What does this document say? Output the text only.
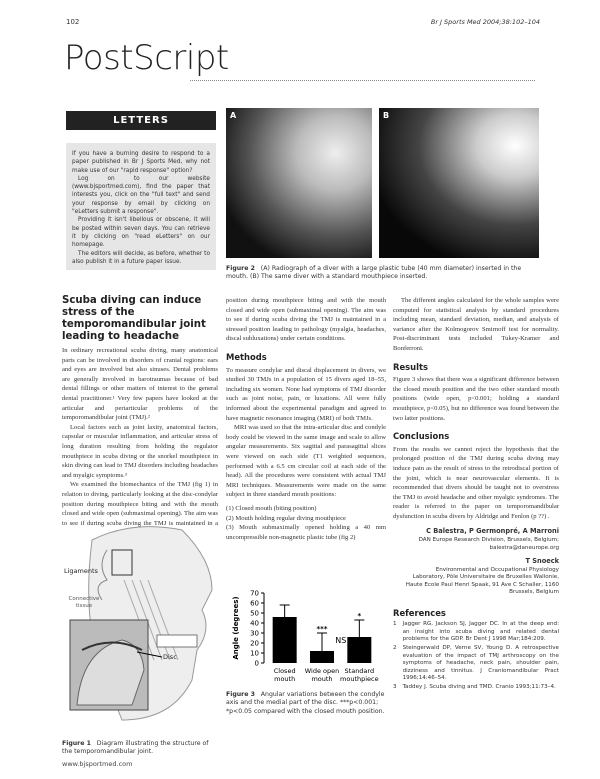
102	Br J Sports Med 2004;38:102–104
PostScript
LETTERS

If you have a burning desire to respond to a paper published in Br J Sports Med, why not make use of our "rapid response" option?

Log on to our website (www.bjsportmed.com), find the paper that interests you, click on the "full text" and send your response by email by clicking on "eLetters submit a response".

Providing it isn't libellous or obscene, it will be posted within seven days. You can retrieve it by clicking on "read eLetters" on our homepage.

The editors will decide, as before, whether to also publish it in a future paper issue.

A	B
Figure 2 (A) Radiograph of a diver with a large plastic tube (40 mm diameter) inserted in the mouth. (B) The same diver with a standard mouthpiece inserted.
Scuba diving can induce stress of the temporomandibular joint leading to headache

In ordinary recreational scuba diving, many anatomical parts can be involved in disorders of cranial regions: ears and eyes are involved but also sinuses. Dental problems are generally involved in barotraumas because of bad dental fillings or other matters of interest to the general dental practitioner.¹ Very few papers have looked at the articular and periarticular problems of the temporomandibular joint (TMJ).²

Local factors such as joint laxity, anatomical factors, capsular or muscular inflammation, and articular stress of long duration resulting from holding the regulator mouthpiece in scuba diving or the snorkel mouthpiece in skin diving can lead to TMJ disorders including headaches and myalgic symptoms.³

We examined the biomechanics of the TMJ (fig 1) in relation to diving, particularly looking at the disc-condylar position during mouthpiece biting and with the mouth closed and wide open (submaximal opening). The aim was to see if during scuba diving the TMJ is maintained in a

Ligaments
Connective tissue
Disc
Figure 1 Diagram illustrating the structure of the temporomandibular joint.
www.bjsportmed.com

position during mouthpiece biting and with the mouth closed and wide open (submaximal opening). The aim was to see if during scuba diving the TMJ is maintained in a stressed position leading to pathology (myalgia, headaches, discal subluxations) under certain conditions.

Methods

To measure condylar and discal displacement in divers, we studied 30 TMJs in a population of 15 divers aged 18–55, including six women. None had symptoms of TMJ disorder such as joint noise, pain, or luxations. All were fully informed about the experimental paradigm and agreed to have magnetic resonance imaging (MRI) of both TMJs.

MRI was used so that the intra-articular disc and condyle body could be viewed in the same image and scale to allow angular measurements. Six sagittal and parasagittal slices were viewed on each side (T1 weighted sequences, performed with a 6.5 cm circular coil at each side of the head). All the procedures were consistent with actual TMJ MRI techniques. Measurements were made on the same subject in three standard mouth positions:

(1) Closed mouth (biting position)

(2) Mouth holding regular diving mouthpiece

(3) Mouth submaximally opened holding a 40 mm uncompressible non-magnetic plastic tube (fig 2)

0
10
20
30
40
50
60
70
Angle (degrees)
Closed mouth
***
Wide open mouth
*
Standard mouthpiece
NS
Figure 3 Angular variations between the condyle axis and the medial part of the disc. ***p<0.001; *p<0.05 compared with the closed mouth position.

The different angles calculated for the whole samples were computed for statistical analysis by standard procedures including mean, standard deviation, median, and analysis of variance after the Kolmogorov Smirnoff test for normality. Post-discriminant tests included Tukey-Kramer and Bonferroni.

Results

Figure 3 shows that there was a significant difference between the closed mouth position and the two other standard mouth positions (wide open, p<0.001; holding a standard mouthpiece, p<0.05), but no difference was found between the two latter positions.

Conclusions

From the results we cannot reject the hypothesis that the prolonged position of the TMJ during scuba diving may induce pain as the result of stress to the retrodiscal portion of the joint, which is near neurovascular elements. It is recommended that divers should be taught not to overstress the TMJ to avoid headache and other myalgic syndromes. The reader is referred to the paper on temporomandibular dysfunction in scuba divers by Aldridge and Fenlon (p ??) .

C Balestra, P Germonpré, A Marroni
DAN Europe Research Division, Brussels, Belgium; balestra@daneurope.org
T Snoeck
Environmental and Occupational Physiology Laboratory, Pôle Universitaire de Bruxelles Wallonie, Haute Ecole Paul Henri Spaak, 91 Ave C Schaller, 1160 Brussels, Belgium
References
1 Jagger RG, Jackson SJ, Jagger DC. In at the deep end: an insight into scuba diving and related dental problems for the GDP. Br Dent J 1998 Mar;184:209.
2 Steingerwald DP, Verne SV, Young D. A retrospective evaluation of the impact of TMJ arthroscopy on the symptoms of headache, neck pain, shoulder pain, dizziness and tinnitus. J Craniomandibular Pract 1996;14:46–54.
3 Taddey J. Scuba diving and TMD. Cranio 1993;11:73–4.
